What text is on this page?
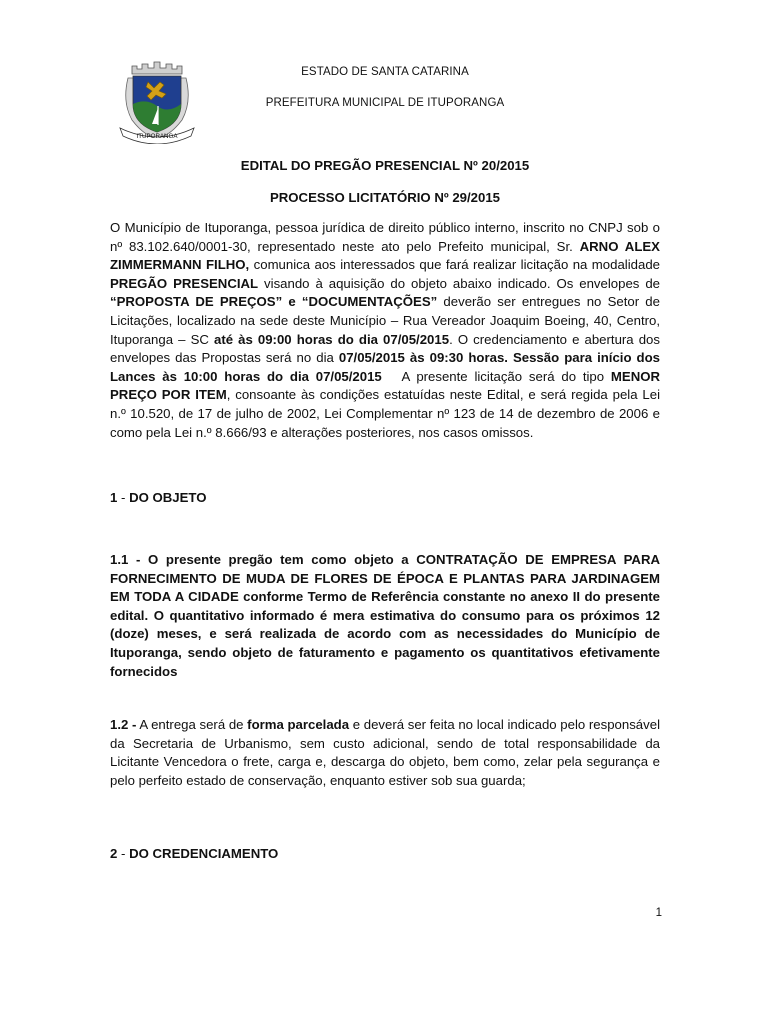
ITUPORANGA
ESTADO DE SANTA CATARINA
PREFEITURA MUNICIPAL DE ITUPORANGA
EDITAL DO PREGÃO PRESENCIAL Nº 20/2015
PROCESSO LICITATÓRIO Nº 29/2015

O Município de Ituporanga, pessoa jurídica de direito público interno, inscrito no CNPJ sob o nº 83.102.640/0001-30, representado neste ato pelo Prefeito municipal, Sr. ARNO ALEX ZIMMERMANN FILHO, comunica aos interessados que fará realizar licitação na modalidade PREGÃO PRESENCIAL visando à aquisição do objeto abaixo indicado. Os envelopes de “PROPOSTA DE PREÇOS” e “DOCUMENTAÇÕES” deverão ser entregues no Setor de Licitações, localizado na sede deste Município – Rua Vereador Joaquim Boeing, 40, Centro, Ituporanga – SC até às 09:00 horas do dia 07/05/2015. O credenciamento e abertura dos envelopes das Propostas será no dia 07/05/2015 às 09:30 horas. Sessão para início dos Lances às 10:00 horas do dia 07/05/2015   A presente licitação será do tipo MENOR PREÇO POR ITEM, consoante às condições estatuídas neste Edital, e será regida pela Lei n.º 10.520, de 17 de julho de 2002, Lei Complementar nº 123 de 14 de dezembro de 2006 e como pela Lei n.º 8.666/93 e alterações posteriores, nos casos omissos.

1 - DO OBJETO

1.1 - O presente pregão tem como objeto a CONTRATAÇÃO DE EMPRESA PARA FORNECIMENTO DE MUDA DE FLORES DE ÉPOCA E PLANTAS PARA JARDINAGEM EM TODA A CIDADE conforme Termo de Referência constante no anexo II do presente edital. O quantitativo informado é mera estimativa do consumo para os próximos 12 (doze) meses, e será realizada de acordo com as necessidades do Município de Ituporanga, sendo objeto de faturamento e pagamento os quantitativos efetivamente fornecidos

1.2 - A entrega será de forma parcelada e deverá ser feita no local indicado pelo responsável da Secretaria de Urbanismo, sem custo adicional, sendo de total responsabilidade da Licitante Vencedora o frete, carga e, descarga do objeto, bem como, zelar pela segurança e pelo perfeito estado de conservação, enquanto estiver sob sua guarda;

2 - DO CREDENCIAMENTO
1
